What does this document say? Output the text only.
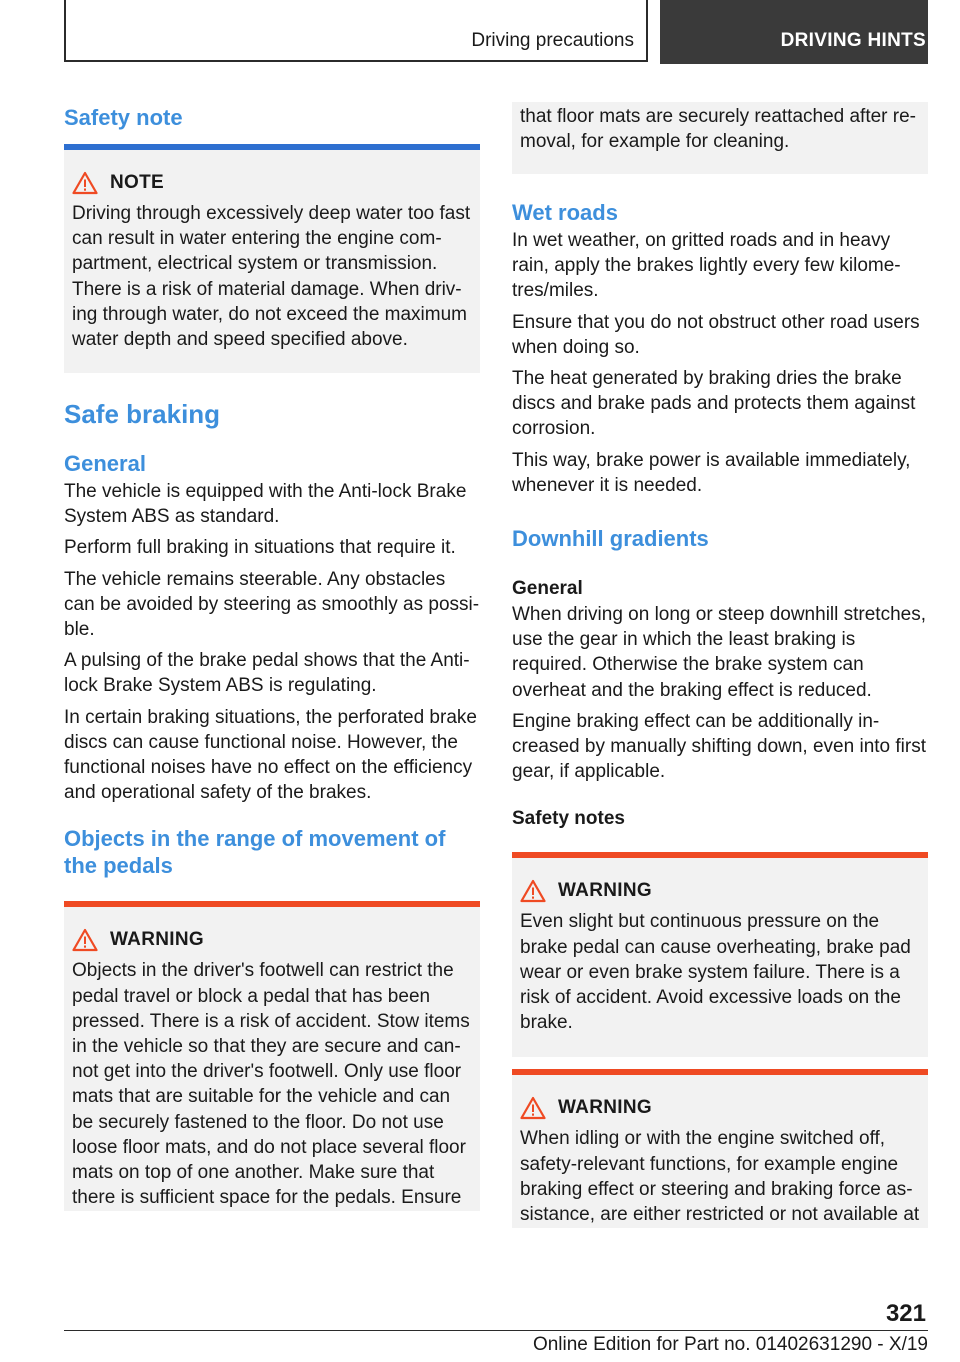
Driving precautions	DRIVING HINTS
Safety note
NOTE

Driving through excessively deep water too fast can result in water entering the engine com-partment, electrical system or transmission. There is a risk of material damage. When driv-ing through water, do not exceed the maximum water depth and speed specified above.

Safe braking
General

The vehicle is equipped with the Anti-lock Brake System ABS as standard.

Perform full braking in situations that require it.

The vehicle remains steerable. Any obstacles can be avoided by steering as smoothly as possi-ble.

A pulsing of the brake pedal shows that the Anti-lock Brake System ABS is regulating.

In certain braking situations, the perforated brake discs can cause functional noise. However, the functional noises have no effect on the efficiency and operational safety of the brakes.

Objects in the range of movement of the pedals
WARNING

Objects in the driver's footwell can restrict the pedal travel or block a pedal that has been pressed. There is a risk of accident. Stow items in the vehicle so that they are secure and can-not get into the driver's footwell. Only use floor mats that are suitable for the vehicle and can be securely fastened to the floor. Do not use loose floor mats, and do not place several floor mats on top of one another. Make sure that there is sufficient space for the pedals. Ensure

that floor mats are securely reattached after re-moval, for example for cleaning.

Wet roads

In wet weather, on gritted roads and in heavy rain, apply the brakes lightly every few kilome-tres/miles.

Ensure that you do not obstruct other road users when doing so.

The heat generated by braking dries the brake discs and brake pads and protects them against corrosion.

This way, brake power is available immediately, whenever it is needed.

Downhill gradients
General

When driving on long or steep downhill stretches, use the gear in which the least braking is required. Otherwise the brake system can overheat and the braking effect is reduced.

Engine braking effect can be additionally in-creased by manually shifting down, even into first gear, if applicable.

Safety notes
WARNING

Even slight but continuous pressure on the brake pedal can cause overheating, brake pad wear or even brake system failure. There is a risk of accident. Avoid excessive loads on the brake.

WARNING

When idling or with the engine switched off, safety-relevant functions, for example engine braking effect or steering and braking force as-sistance, are either restricted or not available at

321
Online Edition for Part no. 01402631290 - X/19
